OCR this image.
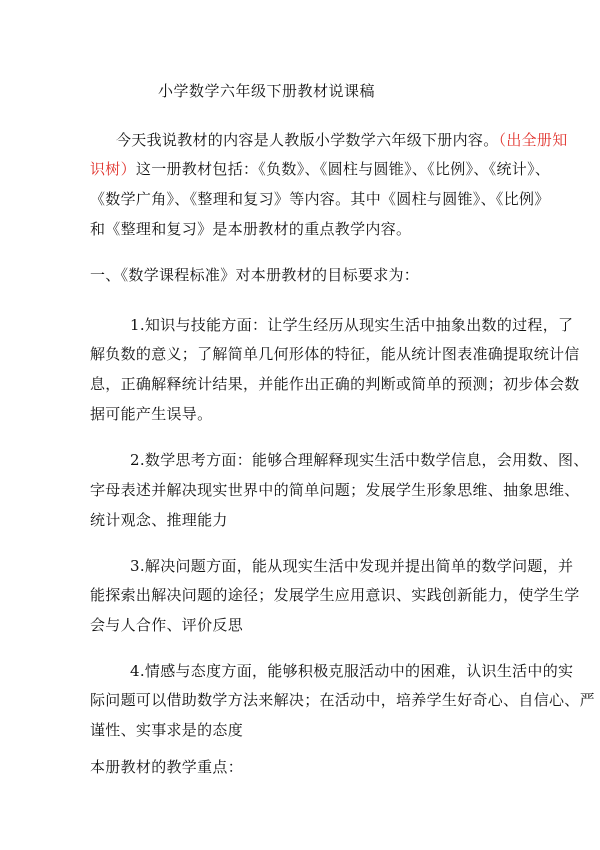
小学数学六年级下册教材说课稿
今天我说教材的内容是人教版小学数学六年级下册内容。（出全册知
识树）这一册教材包括：《负数》、《圆柱与圆锥》、《比例》、《统计》、
《数学广角》、《整理和复习》等内容。其中《圆柱与圆锥》、《比例》
和《整理和复习》是本册教材的重点教学内容。
一、《数学课程标准》对本册教材的目标要求为：
1.知识与技能方面：让学生经历从现实生活中抽象出数的过程，了
解负数的意义；了解简单几何形体的特征，能从统计图表准确提取统计信
息，正确解释统计结果，并能作出正确的判断或简单的预测；初步体会数
据可能产生误导。
2.数学思考方面：能够合理解释现实生活中数学信息，会用数、图、
字母表述并解决现实世界中的简单问题；发展学生形象思维、抽象思维、
统计观念、推理能力
3.解决问题方面，能从现实生活中发现并提出简单的数学问题，并
能探索出解决问题的途径；发展学生应用意识、实践创新能力，使学生学
会与人合作、评价反思
4.情感与态度方面，能够积极克服活动中的困难，认识生活中的实
际问题可以借助数学方法来解决；在活动中，培养学生好奇心、自信心、严
谨性、实事求是的态度
本册教材的教学重点：
